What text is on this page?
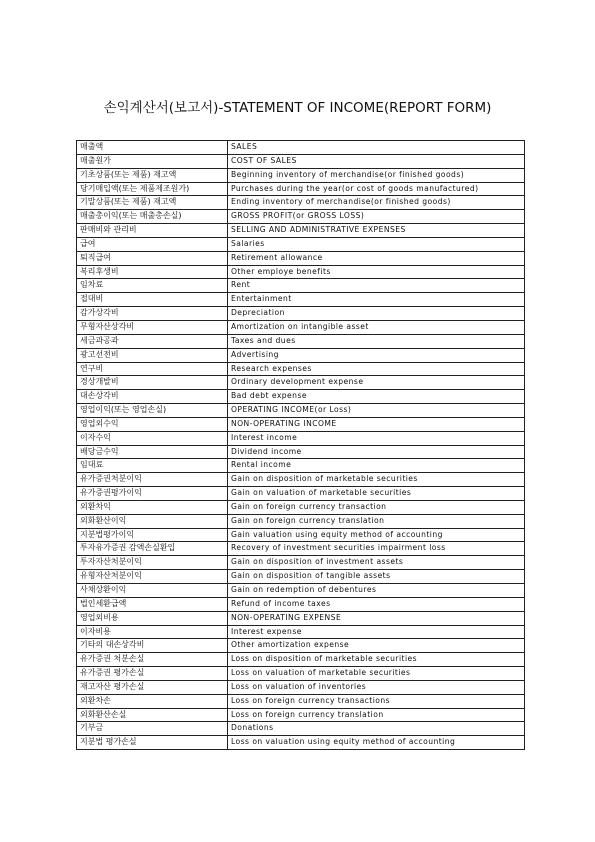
손익계산서(보고서)-STATEMENT OF INCOME(REPORT FORM)
매출액	SALES
매출원가	COST OF SALES
기초상품(또는 제품) 재고액	Beginning inventory of merchandise(or finished goods)
당기매입액(또는 제품제조원가)	Purchases during the year(or cost of goods manufactured)
기말상품(또는 제품) 재고액	Ending inventory of merchandise(or finished goods)
매출총이익(또는 매출총손실)	GROSS PROFIT(or GROSS LOSS)
판매비와 관리비	SELLING AND ADMINISTRATIVE EXPENSES
급여	Salaries
퇴직급여	Retirement allowance
복리후생비	Other employe benefits
임차료	Rent
접대비	Entertainment
감가상각비	Depreciation
무형자산상각비	Amortization on intangible asset
세금과공과	Taxes and dues
광고선전비	Advertising
연구비	Research expenses
경상개발비	Ordinary development expense
대손상각비	Bad debt expense
영업이익(또는 영업손실)	OPERATING INCOME(or Loss)
영업외수익	NON-OPERATING INCOME
이자수익	Interest income
배당금수익	Dividend income
임대료	Rental income
유가증권처분이익	Gain on disposition of marketable securities
유가증권평가이익	Gain on valuation of marketable securities
외환차익	Gain on foreign currency transaction
외화환산이익	Gain on foreign currency translation
지분법평가이익	Gain valuation using equity method of accounting
투자유가증권 감액손실환입	Recovery of investment securities impairment loss
투자자산처분이익	Gain on disposition of investment assets
유형자산처분이익	Gain on disposition of tangible assets
사채상환이익	Gain on redemption of debentures
법인세환급액	Refund of income taxes
영업외비용	NON-OPERATING EXPENSE
이자비용	Interest expense
기타의 대손상각비	Other amortization expense
유가증권 처분손실	Loss on disposition of marketable securities
유가증권 평가손실	Loss on valuation of marketable securities
재고자산 평가손실	Loss on valuation of inventories
외환차손	Loss on foreign currency transactions
외화환산손실	Loss on foreign currency translation
기부금	Donations
지분법 평가손실	Loss on valuation using equity method of accounting
